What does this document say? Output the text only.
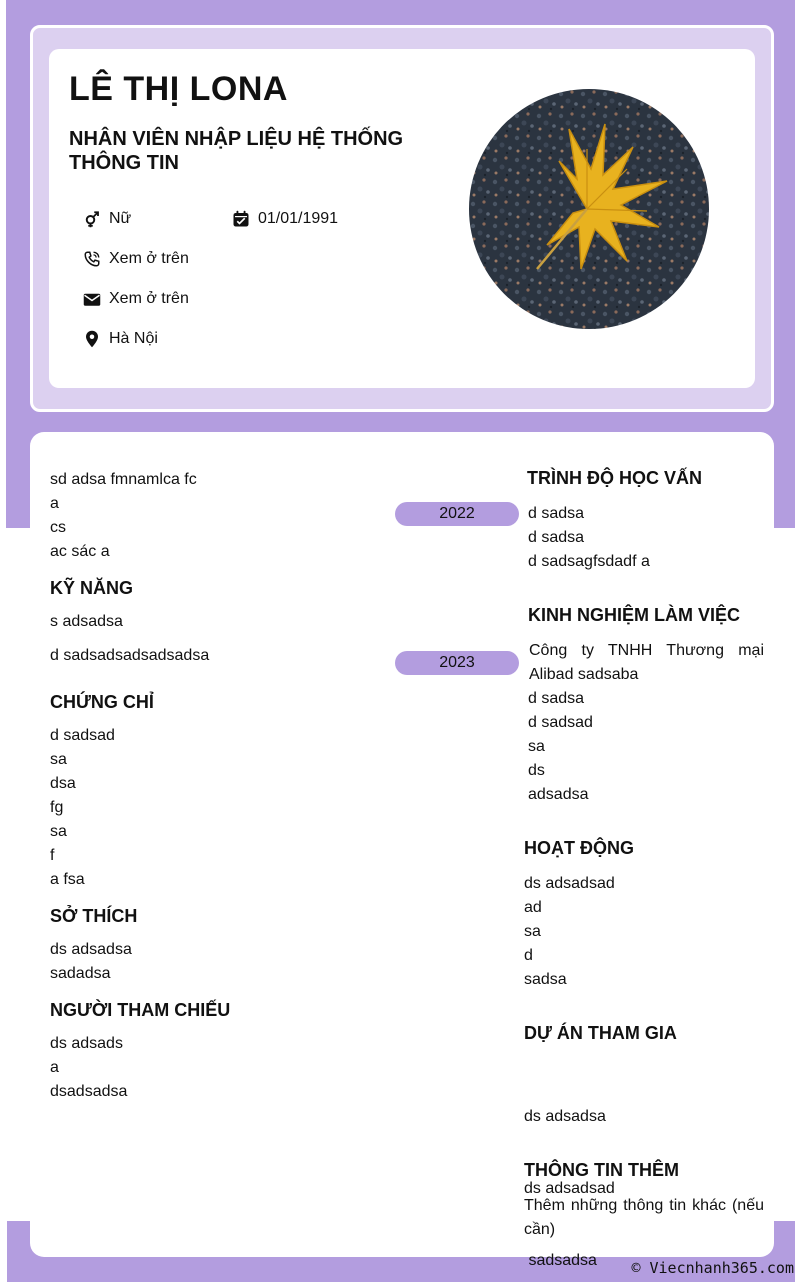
LÊ THỊ LONA
NHÂN VIÊN NHẬP LIỆU HỆ THỐNG THÔNG TIN
Nữ	01/01/1991
Xem ở trên
Xem ở trên
Hà Nội
sd adsa fmnamlca fc
a
cs
ac sác a
KỸ NĂNG
s adsadsa
d sadsadsadsadsadsa
CHỨNG CHỈ
d sadsad
sa
dsa
fg
sa
f
a fsa
SỞ THÍCH
ds adsadsa
sadadsa
NGƯỜI THAM CHIẾU
ds adsads
a
dsadsadsa
2022
2023
TRÌNH ĐỘ HỌC VẤN
d sadsa
d sadsa
d sadsagfsdadf a
KINH NGHIỆM LÀM VIỆC
Công ty TNHH Thương mại Alibad sadsaba
d sadsa
d sadsad
sa
ds
adsadsa
HOẠT ĐỘNG
ds adsadsad
ad
sa
d
sadsa
DỰ ÁN THAM GIA

ds adsadsa

ds adsadsad

sadsadsa

THÔNG TIN THÊM
Thêm những thông tin khác (nếu cần)
© Viecnhanh365.com
